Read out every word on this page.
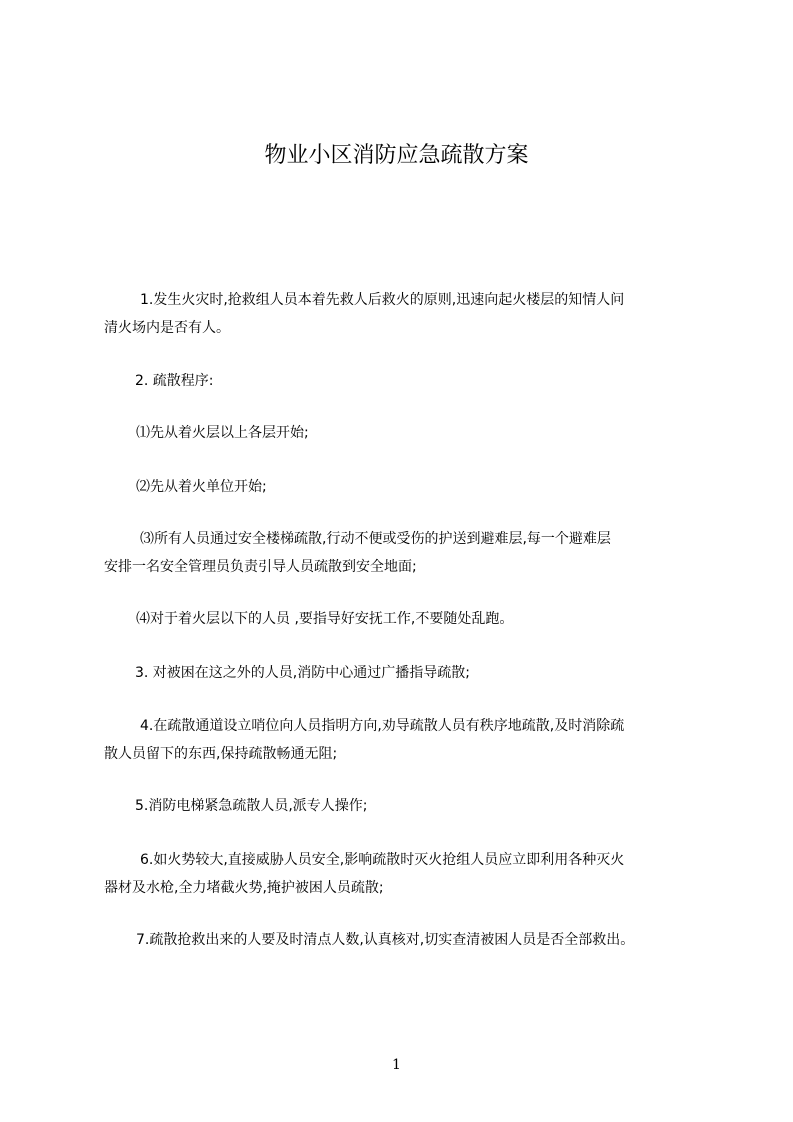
物业小区消防应急疏散方案
1.发生火灾时,抢救组人员本着先救人后救火的原则,迅速向起火楼层的知情人问
清火场内是否有人。
2. 疏散程序:
⑴先从着火层以上各层开始;
⑵先从着火单位开始;
⑶所有人员通过安全楼梯疏散,行动不便或受伤的护送到避难层,每一个避难层
安排一名安全管理员负责引导人员疏散到安全地面;
⑷对于着火层以下的人员 ,要指导好安抚工作,不要随处乱跑。
3. 对被困在这之外的人员,消防中心通过广播指导疏散;
4.在疏散通道设立哨位向人员指明方向,劝导疏散人员有秩序地疏散,及时消除疏
散人员留下的东西,保持疏散畅通无阻;
5.消防电梯紧急疏散人员,派专人操作;
6.如火势较大,直接威胁人员安全,影响疏散时灭火抢组人员应立即利用各种灭火
器材及水枪,全力堵截火势,掩护被困人员疏散;
7.疏散抢救出来的人要及时清点人数,认真核对,切实查清被困人员是否全部救出。
1
